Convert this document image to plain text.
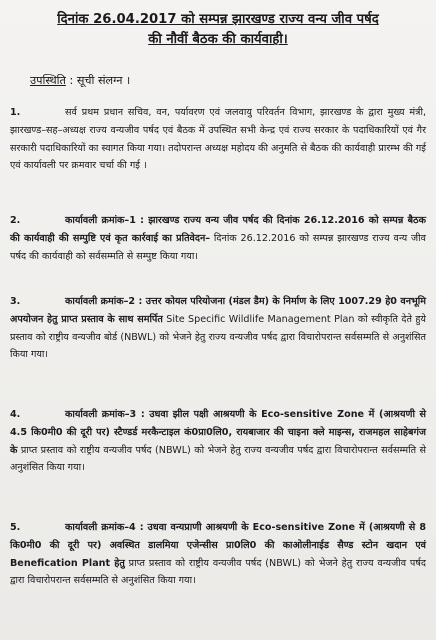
दिनांक 26.04.2017 को सम्पन्न झारखण्ड राज्य वन्य जीव पर्षद
की नौवीं बैठक की कार्यवाही।
उपस्थिति : सूची संलग्न ।
1.	सर्व प्रथम प्रधान सचिव, वन, पर्यावरण एवं जलवायु परिवर्तन विभाग, झारखण्ड के द्वारा मुख्य मंत्री, झारखण्ड–सह–अध्यक्ष राज्य वन्यजीव पर्षद एवं बैठक में उपस्थित सभी केन्द्र एवं राज्य सरकार के पदाधिकारियों एवं गैर सरकारी पदाधिकारियों का स्वागत किया गया। तदोपरान्त अध्यक्ष महोदय की अनुमति से बैठक की कार्यवाही प्रारम्भ की गई एवं कार्यावली पर क्रमवार चर्चा की गई ।
2.	कार्यावली क्रमांक–1 : झारखण्ड राज्य वन्य जीव पर्षद की दिनांक 26.12.2016 को सम्पन्न बैठक की कार्यवाही की सम्पुष्टि एवं कृत कार्रवाई का प्रतिवेदन– दिनांक 26.12.2016 को सम्पन्न झारखण्ड राज्य वन्य जीव पर्षद की कार्यवाही को सर्वसम्मति से सम्पुष्ट किया गया।
3.	कार्यावली क्रमांक–2 : उत्तर कोयल परियोजना (मंडल डैम) के निर्माण के लिए 1007.29 हे0 वनभूमि अपयोजन हेतु प्राप्त प्रस्ताव के साथ समर्पित Site Specific Wildlife Management Plan को स्वीकृति देते हुये प्रस्ताव को राष्ट्रीय वन्यजीव बोर्ड (NBWL) को भेजने हेतु राज्य वन्यजीव पर्षद द्वारा विचारोपरान्त सर्वसम्मति से अनुशंसित किया गया।
4.	कार्यावली क्रमांक–3 : उधवा झील पक्षी आश्रयणी के Eco-sensitive Zone में (आश्रयणी से 4.5 कि0मी0 की दूरी पर) स्टैण्डर्ड मरकैन्टाइल कं0प्रा0लि0, रायबाजार की चाइना क्ले माइन्स, राजमहल साहेबगंज के प्राप्त प्रस्ताव को राष्ट्रीय वन्यजीव पर्षद (NBWL) को भेजने हेतु राज्य वन्यजीव पर्षद द्वारा विचारोपरान्त सर्वसम्मति से अनुशंसित किया गया।
5.	कार्यावली क्रमांक–4 : उधवा वन्यप्राणी आश्रयणी के Eco-sensitive Zone में (आश्रयणी से 8 कि0मी0 की दूरी पर) अवस्थित डालमिया एजेन्सीस प्रा0लि0 की काओलीनाईड सैण्ड स्टोन खदान एवं Benefication Plant हेतु प्राप्त प्रस्ताव को राष्ट्रीय वन्यजीव पर्षद (NBWL) को भेजने हेतु राज्य वन्यजीव पर्षद द्वारा विचारोपरान्त सर्वसम्मति से अनुशंसित किया गया।
